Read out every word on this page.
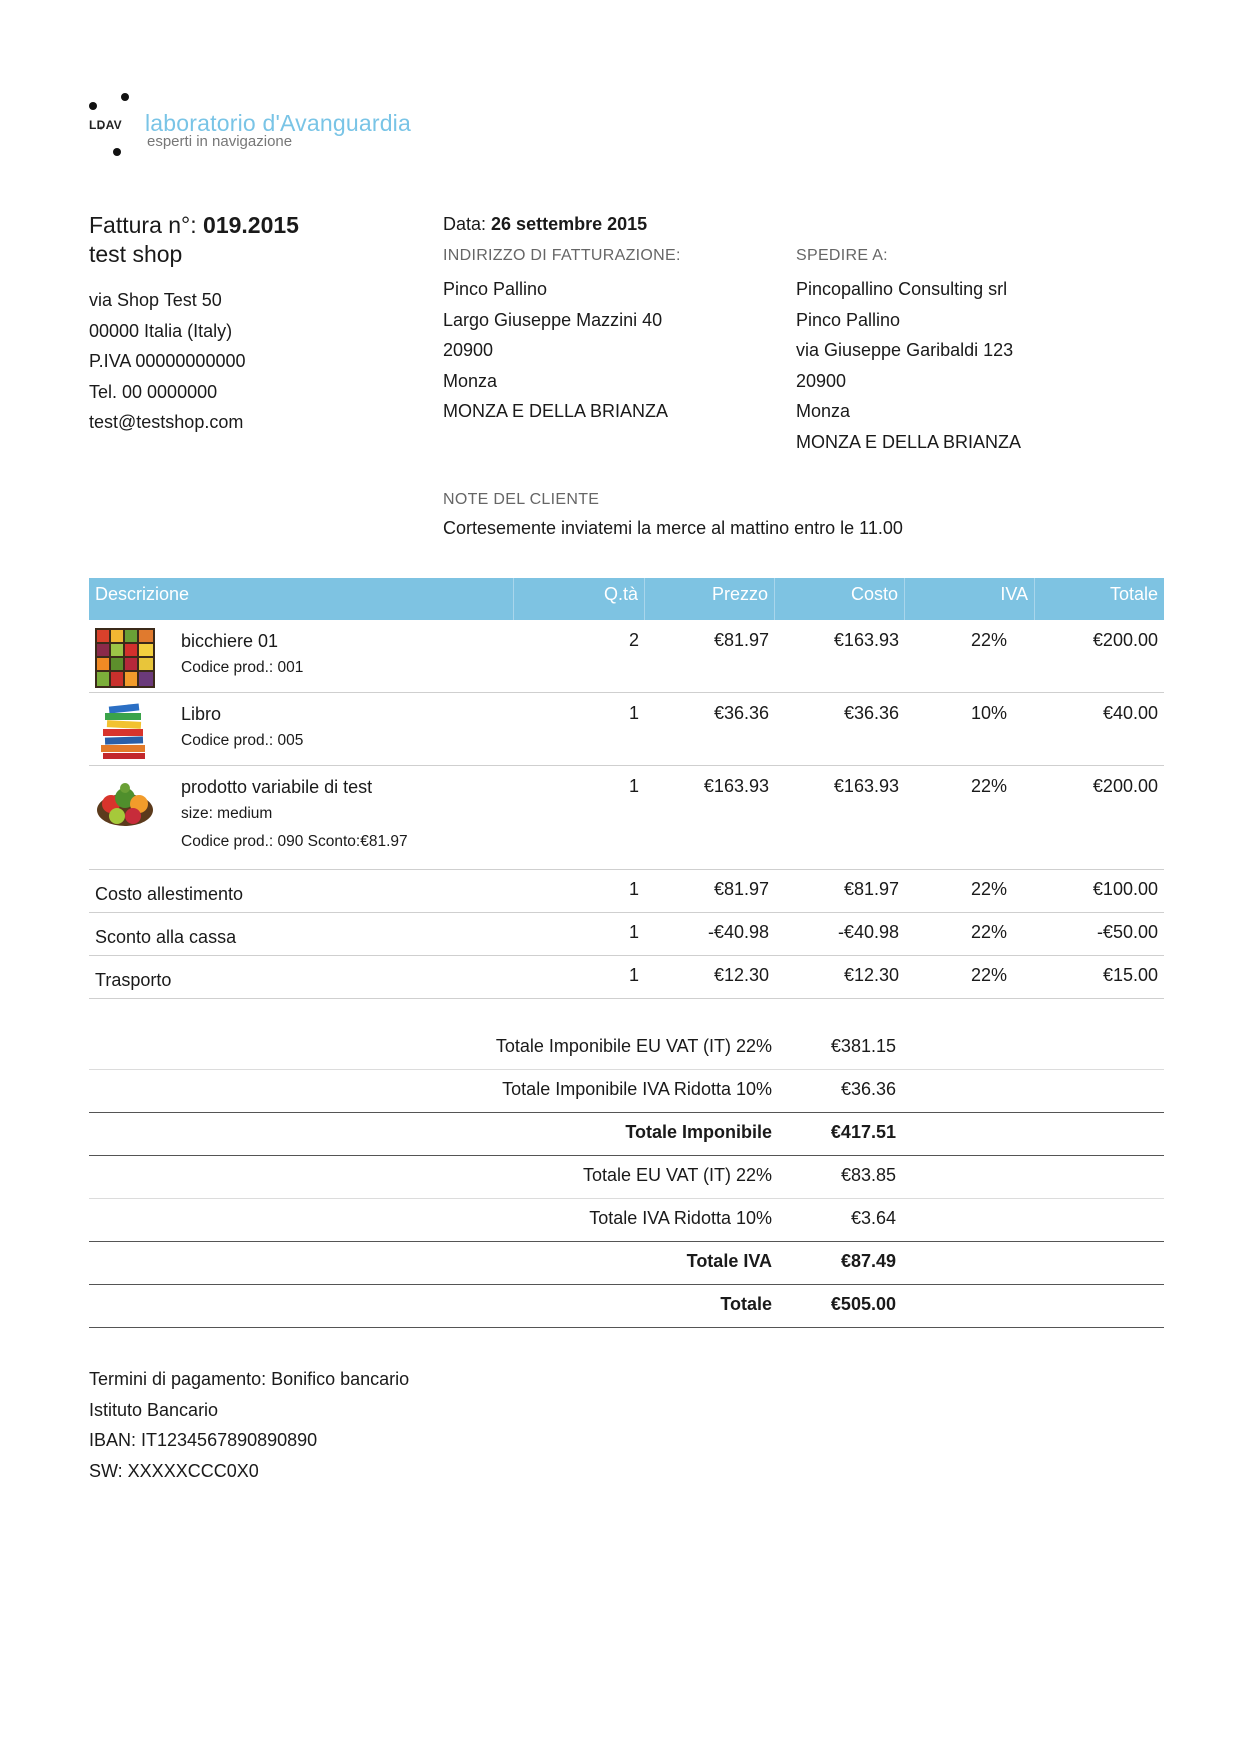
LDAV laboratorio d'Avanguardia
esperti in navigazione
Fattura n°: 019.2015
test shop
via Shop Test 50
00000 Italia (Italy)
P.IVA 00000000000
Tel. 00 0000000
test@testshop.com
Data: 26 settembre 2015
INDIRIZZO DI FATTURAZIONE:
Pinco Pallino
Largo Giuseppe Mazzini 40
20900
Monza
MONZA E DELLA BRIANZA
SPEDIRE A:
Pincopallino Consulting srl
Pinco Pallino
via Giuseppe Garibaldi 123
20900
Monza
MONZA E DELLA BRIANZA
NOTE DEL CLIENTE
Cortesemente inviatemi la merce al mattino entro le 11.00
Descrizione	Q.tà	Prezzo	Costo	IVA	Totale
bicchiere 01
Codice prod.: 001
2	€81.97	€163.93	22%	€200.00
Libro
Codice prod.: 005
1	€36.36	€36.36	10%	€40.00
prodotto variabile di test
size: medium
Codice prod.: 090 Sconto:€81.97
1	€163.93	€163.93	22%	€200.00
Costo allestimento	1	€81.97	€81.97	22%	€100.00
Sconto alla cassa	1	-€40.98	-€40.98	22%	-€50.00
Trasporto	1	€12.30	€12.30	22%	€15.00
Totale Imponibile EU VAT (IT) 22%	€381.15
Totale Imponibile IVA Ridotta 10%	€36.36
Totale Imponibile	€417.51
Totale EU VAT (IT) 22%	€83.85
Totale IVA Ridotta 10%	€3.64
Totale IVA	€87.49
Totale	€505.00
Termini di pagamento: Bonifico bancario
Istituto Bancario
IBAN: IT1234567890890890
SW: XXXXXCCC0X0
